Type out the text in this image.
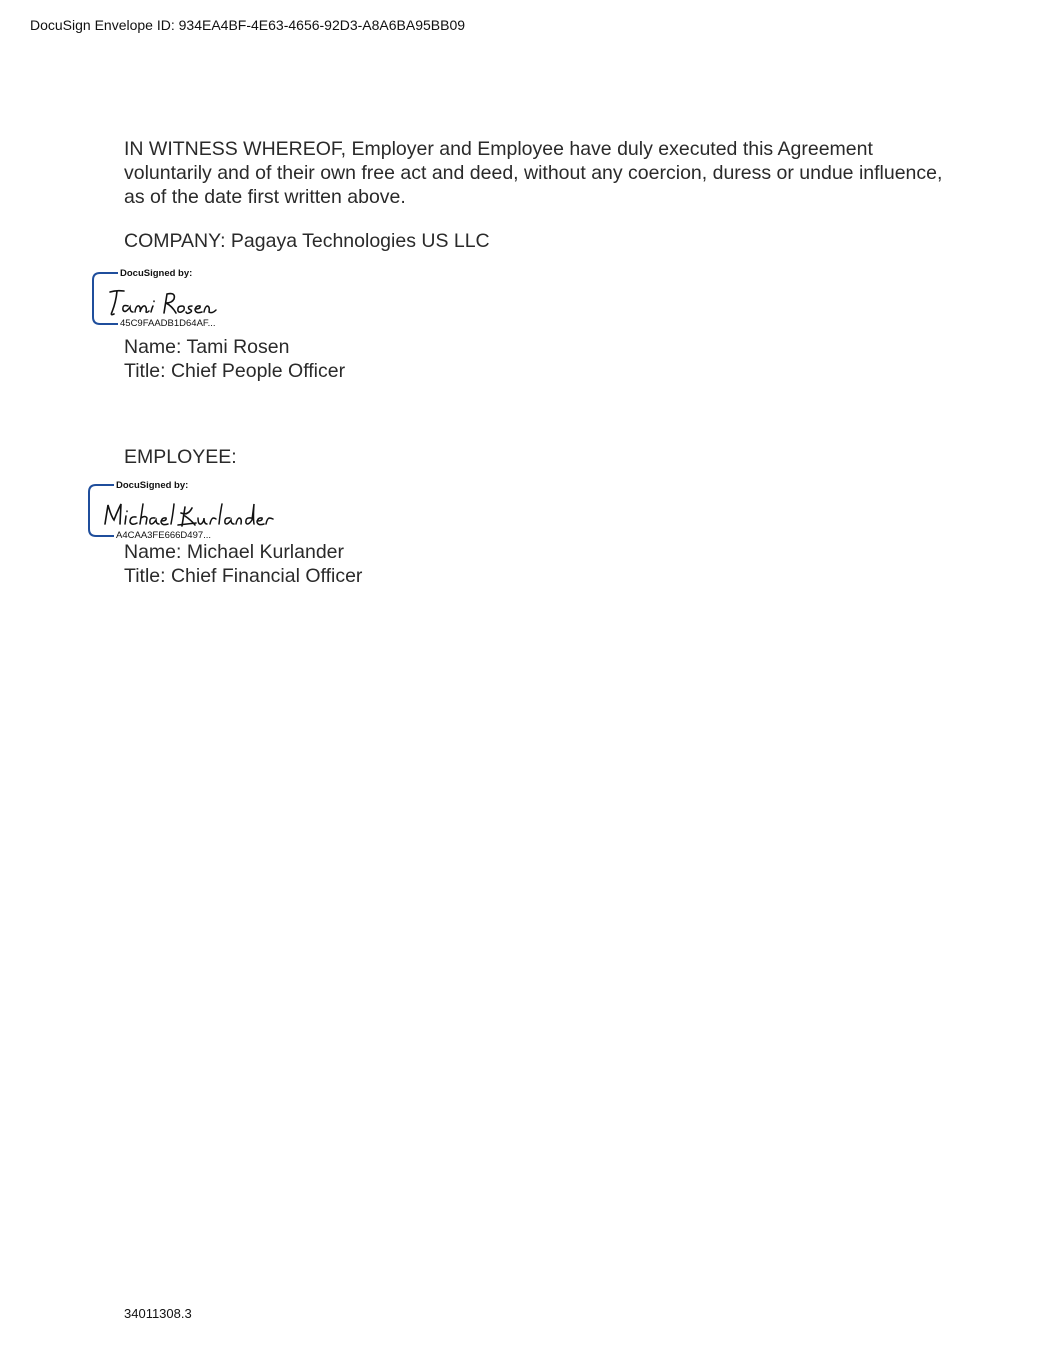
DocuSign Envelope ID: 934EA4BF-4E63-4656-92D3-A8A6BA95BB09
IN WITNESS WHEREOF, Employer and Employee have duly executed this Agreement
voluntarily and of their own free act and deed, without any coercion, duress or undue influence,
as of the date first written above.
COMPANY: Pagaya Technologies US LLC
DocuSigned by:
45C9FAADB1D64AF...
Name: Tami Rosen
Title: Chief People Officer
EMPLOYEE:
DocuSigned by:
A4CAA3FE666D497...
Name: Michael Kurlander
Title: Chief Financial Officer
34011308.3
